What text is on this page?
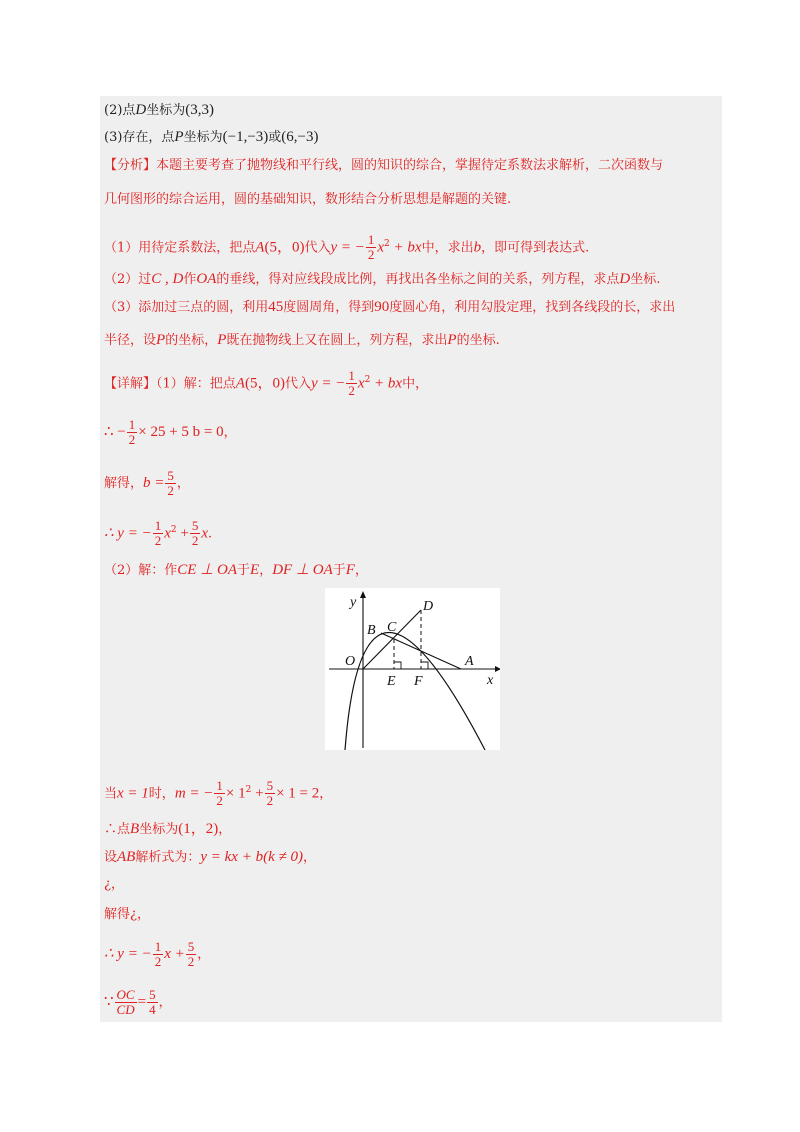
(2)点D坐标为(3,3)
(3)存在，点P坐标为(−1,−3)或(6,−3)
【分析】本题主要考查了抛物线和平行线，圆的知识的综合，掌握待定系数法求解析，二次函数与
几何图形的综合运用，圆的基础知识，数形结合分析思想是解题的关键.
（1）用待定系数法，把点A(5，0)代入y = − $\frac{1}{2} x^2$ + bx中，求出b，即可得到表达式.
（2）过C , D作OA的垂线，得对应线段成比例，再找出各坐标之间的关系，列方程，求点D坐标.
（3）添加过三点的圆，利用45度圆周角，得到90度圆心角，利用勾股定理，找到各线段的长，求出
半径，设P的坐标，P既在抛物线上又在圆上，列方程，求出P的坐标.
【详解】（1）解：把点A(5，0)代入y = − $\frac{1}{2} x^2$ + bx中，
∴ − $\frac{1}{2} \times 25 + 5$ b = 0，
解得，$b = \frac{5}{2}$ ，
∴ y = − $\frac{1}{2} x^2 + \frac{5}{2} x$.
（2）解：作CE ⊥ OA于E，DF ⊥ OA于F，
y
x
O	A
B C
D
E F
当x = 1时，m = − $\frac{1}{2} \times 1^2 + \frac{5}{2} \times 1 = 2$，
∴点B坐标为(1，2)，
设AB解析式为：y = kx + b(k ≠ 0)，
¿，
解得¿，
∴ y = − $\frac{1}{2}$ $x + \frac{5}{2}$ ，
∵ $\frac{OC}{CD} = \frac{5}{4}$ ，
